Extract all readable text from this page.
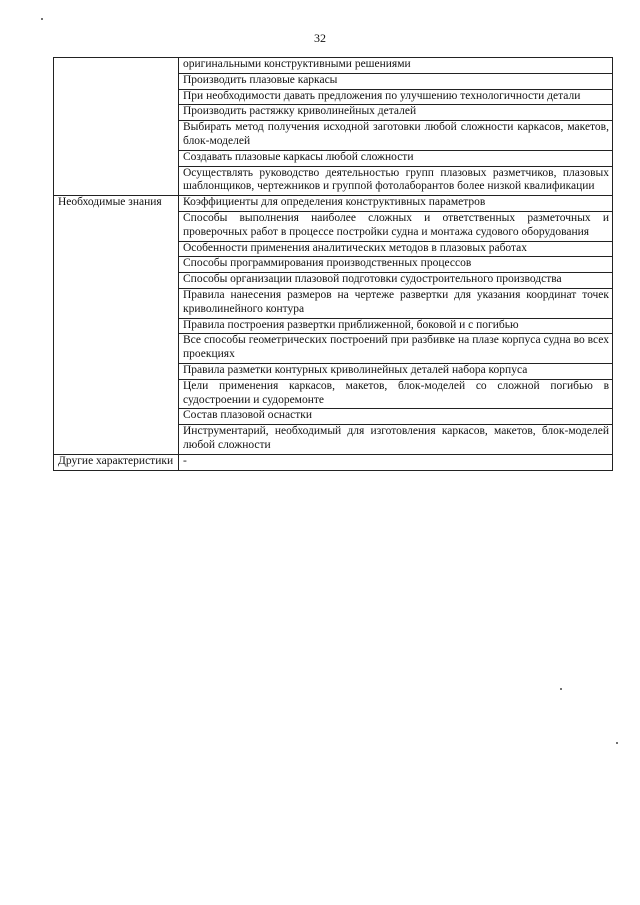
32
	оригинальными конструктивными решениями
	Производить плазовые каркасы
	При необходимости давать предложения по улучшению технологичности детали
	Производить растяжку криволинейных деталей
	Выбирать метод получения исходной заготовки любой сложности каркасов, макетов, блок-моделей
	Создавать плазовые каркасы любой сложности
	Осуществлять руководство деятельностью групп плазовых разметчиков, плазовых шаблонщиков, чертежников и группой фотолаборантов более низкой квалификации
Необходимые знания	Коэффициенты для определения конструктивных параметров
	Способы выполнения наиболее сложных и ответственных разметочных и проверочных работ в процессе постройки судна и монтажа судового оборудования
	Особенности применения аналитических методов в плазовых работах
	Способы программирования производственных процессов
	Способы организации плазовой подготовки судостроительного производства
	Правила нанесения размеров на чертеже развертки для указания координат точек криволинейного контура
	Правила построения развертки приближенной, боковой и с погибью
	Все способы геометрических построений при разбивке на плазе корпуса судна во всех проекциях
	Правила разметки контурных криволинейных деталей набора корпуса
	Цели применения каркасов, макетов, блок-моделей со сложной погибью в судостроении и судоремонте
	Состав плазовой оснастки
	Инструментарий, необходимый для изготовления каркасов, макетов, блок-моделей любой сложности
Другие характеристики	-
